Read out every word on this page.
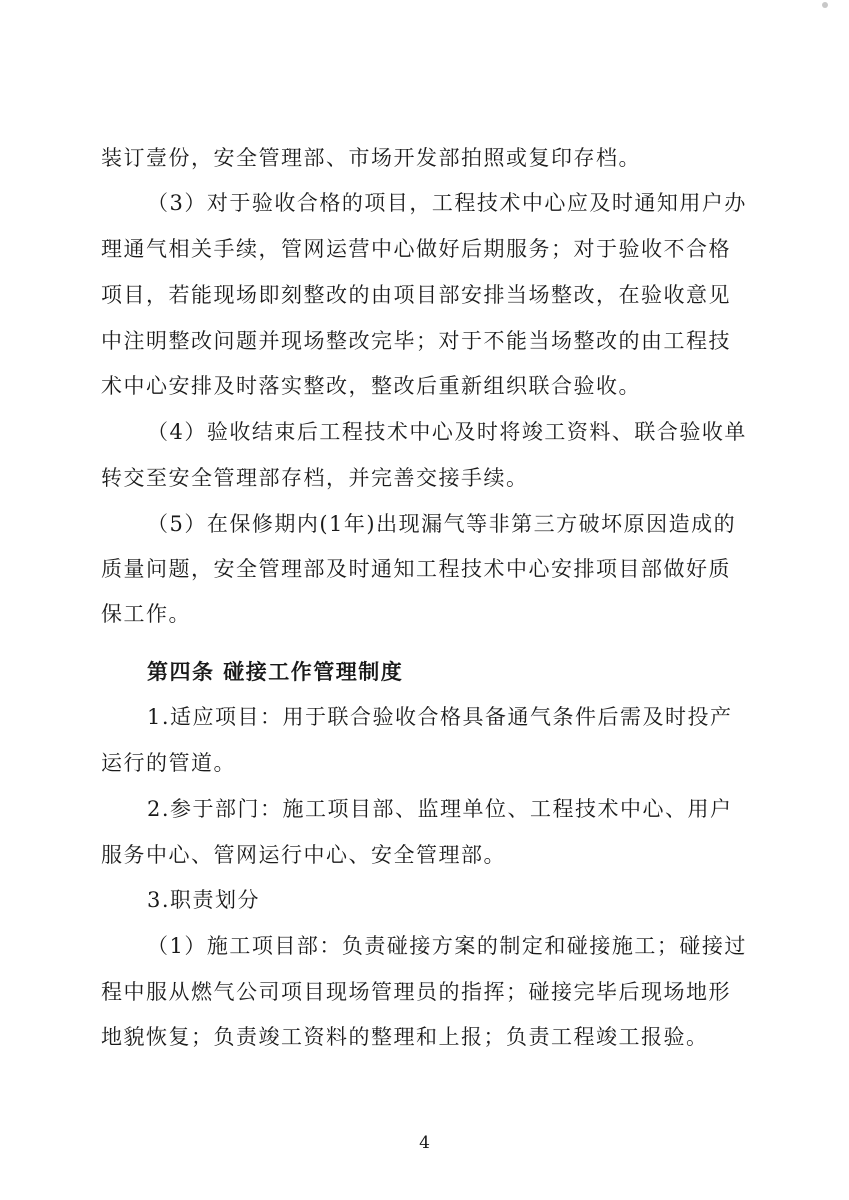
装订壹份，安全管理部、市场开发部拍照或复印存档。
（3）对于验收合格的项目，工程技术中心应及时通知用户办
理通气相关手续，管网运营中心做好后期服务；对于验收不合格
项目，若能现场即刻整改的由项目部安排当场整改，在验收意见
中注明整改问题并现场整改完毕；对于不能当场整改的由工程技
术中心安排及时落实整改，整改后重新组织联合验收。
（4）验收结束后工程技术中心及时将竣工资料、联合验收单
转交至安全管理部存档，并完善交接手续。
（5）在保修期内(1年)出现漏气等非第三方破坏原因造成的
质量问题，安全管理部及时通知工程技术中心安排项目部做好质
保工作。
第四条 碰接工作管理制度
1.适应项目：用于联合验收合格具备通气条件后需及时投产
运行的管道。
2.参于部门：施工项目部、监理单位、工程技术中心、用户
服务中心、管网运行中心、安全管理部。
3.职责划分
（1）施工项目部：负责碰接方案的制定和碰接施工；碰接过
程中服从燃气公司项目现场管理员的指挥；碰接完毕后现场地形
地貌恢复；负责竣工资料的整理和上报；负责工程竣工报验。
4
